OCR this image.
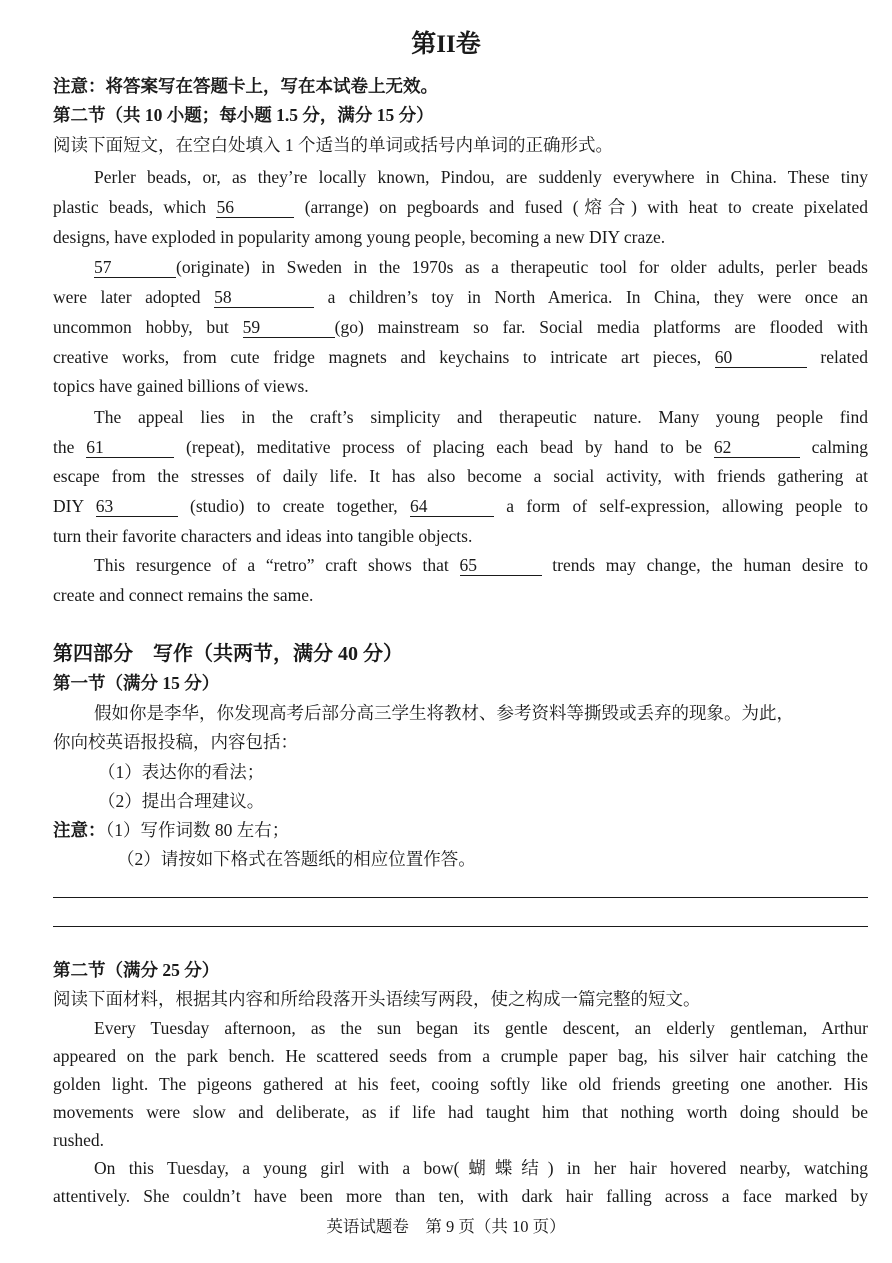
第II卷
注意：将答案写在答题卡上，写在本试卷上无效。
第二节（共 10 小题；每小题 1.5 分，满分 15 分）
阅读下面短文，在空白处填入 1 个适当的单词或括号内单词的正确形式。
Perler beads, or, as they’re locally known, Pindou, are suddenly everywhere in China. These tiny
plastic beads, which 56	(arrange) on pegboards and fused (熔合) with heat to create pixelated
designs, have exploded in popularity among young people, becoming a new DIY craze.
57	(originate) in Sweden in the 1970s as a therapeutic tool for older adults, perler beads
were later adopted 58	a children’s toy in North America. In China, they were once an
uncommon hobby, but 59	(go) mainstream so far. Social media platforms are flooded with
creative works, from cute fridge magnets and keychains to intricate art pieces, 60	related
topics have gained billions of views.
The appeal lies in the craft’s simplicity and therapeutic nature. Many young people find
the 61	(repeat), meditative process of placing each bead by hand to be 62	calming
escape from the stresses of daily life. It has also become a social activity, with friends gathering at
DIY 63	(studio) to create together, 64	a form of self-expression, allowing people to
turn their favorite characters and ideas into tangible objects.
This resurgence of a “retro” craft shows that 65	trends may change, the human desire to
create and connect remains the same.
第四部分　写作（共两节，满分 40 分）
第一节（满分 15 分）
假如你是李华，你发现高考后部分高三学生将教材、参考资料等撕毁或丢弃的现象。为此，
你向校英语报投稿，内容包括：
（1）表达你的看法；
（2）提出合理建议。
注意：（1）写作词数 80 左右；
（2）请按如下格式在答题纸的相应位置作答。
第二节（满分 25 分）
阅读下面材料，根据其内容和所给段落开头语续写两段，使之构成一篇完整的短文。
Every Tuesday afternoon, as the sun began its gentle descent, an elderly gentleman, Arthur
appeared on the park bench. He scattered seeds from a crumple paper bag, his silver hair catching the
golden light. The pigeons gathered at his feet, cooing softly like old friends greeting one another. His
movements were slow and deliberate, as if life had taught him that nothing worth doing should be
rushed.
On this Tuesday, a young girl with a bow(蝴蝶结) in her hair hovered nearby, watching
attentively. She couldn’t have been more than ten, with dark hair falling across a face marked by
英语试题卷　第 9 页（共 10 页）
